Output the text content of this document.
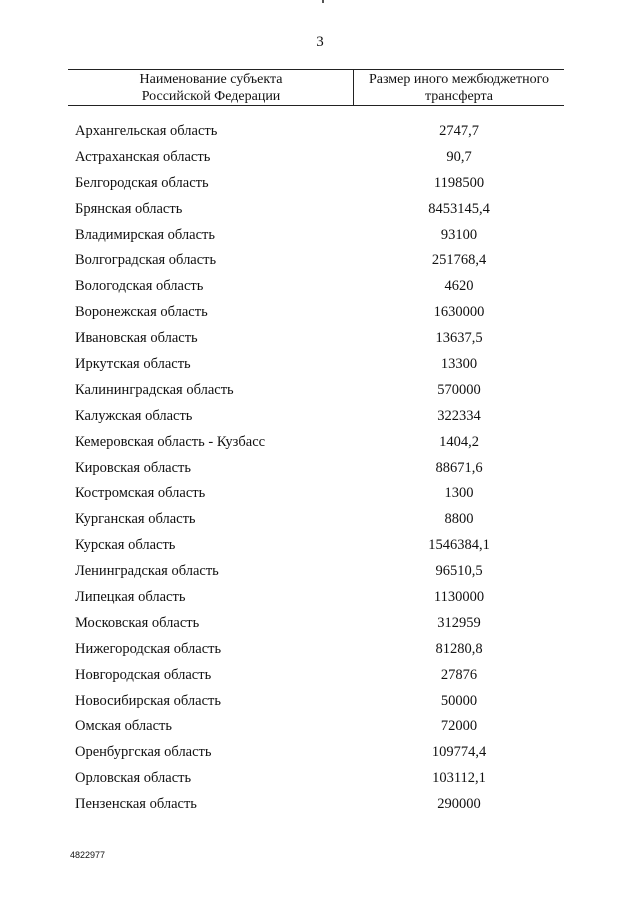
3
Наименование субъекта
Российской Федерации
Размер иного межбюджетного
трансферта
Архангельская область	2747,7
Астраханская область	90,7
Белгородская область	1198500
Брянская область	8453145,4
Владимирская область	93100
Волгоградская область	251768,4
Вологодская область	4620
Воронежская область	1630000
Ивановская область	13637,5
Иркутская область	13300
Калининградская область	570000
Калужская область	322334
Кемеровская область - Кузбасс	1404,2
Кировская область	88671,6
Костромская область	1300
Курганская область	8800
Курская область	1546384,1
Ленинградская область	96510,5
Липецкая область	1130000
Московская область	312959
Нижегородская область	81280,8
Новгородская область	27876
Новосибирская область	50000
Омская область	72000
Оренбургская область	109774,4
Орловская область	103112,1
Пензенская область	290000
4822977
